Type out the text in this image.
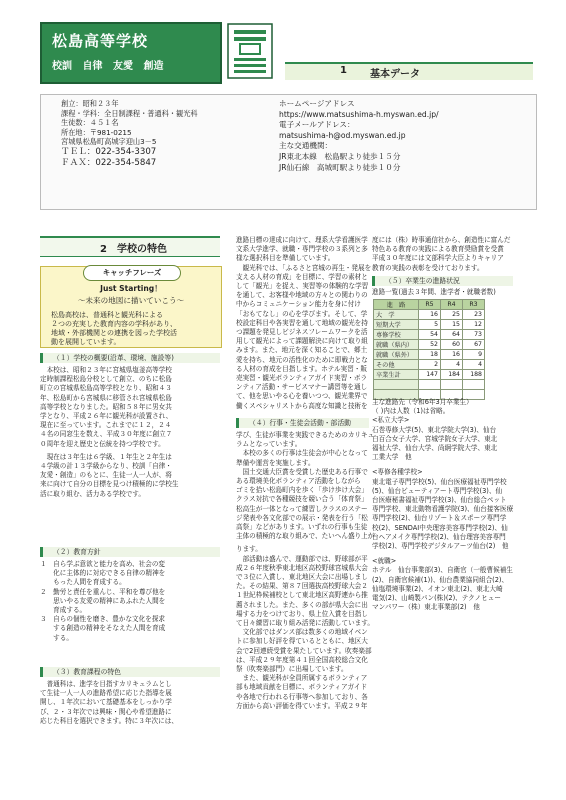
松島高等学校
校訓 自律 友愛 創造	1 基本データ
創立：昭和２３年
課程・学科：全日制課程・普通科・観光科
生徒数：４５１名
所在地：〒981-0215
宮城県松島町高城字迎山3－5
ＴＥＬ：022-354-3307
ＦＡＸ：022-354-5847
ホームページアドレス
https://www.matsushima-h.myswan.ed.jp/
電子メールアドレス：
matsushima-h@od.myswan.ed.jp
主な交通機関：
JR東北本線　松島駅より徒歩１５分
JR仙石線　高城町駅より徒歩１０分
2　学校の特色
キャッチフレーズ
Just Starting！
～未来の地図に描いていこう～
松島高校は、普通科と観光科による
２つの充実した教育内容の学科があり、
地域・外部機関との連携を図った学校活
動を展開しています。
（１）学校の概要(沿革、環境、施設等)
　本校は、昭和２３年に宮城県塩釜高等学校
定時制課程松島分校として創立、のちに松島
町立の宮城県松島高等学校となり、昭和４３
年、松島町から宮城県に移管され宮城県松島
高等学校となりました。昭和５８年に男女共
学となり、平成２６年に観光科が設置され、
現在に至っています。これまでに１２，２４
４名の同窓生を数え、平成３０年度に創立７
０周年を迎え歴史と伝統を持つ学校です。
　現在は３年生は６学級、１年生と２年生は
４学級の計１３学級からなり、校訓「自律・
友愛・創造」のもとに、生徒一人一人が、将
来に向けて自分の目標を見つけ積極的に学校生
活に取り組む、活力ある学校です。
（２）教育方針
１　自ら学ぶ意欲と能力を高め、社会の変
　　化に主体的に対応できる自律の精神を
　　もった人間を育成する。
２　勤労と責任を重んじ、平和を尊び他を
　　思いやる友愛の精神にあふれた人間を
　　育成する。
３　自らの個性を磨き、豊かな文化を探求
　　する創造の精神をそなえた人間を育成
　　する。
（３）教育課程の特色
　普通科は、進学を目指すカリキュラムとし
て生徒一人一人の進路希望に応じた指導を展
開し、１年次において基礎基本をしっかり学
び、２・３年次では興味・関心や希望進路に
応じた科目を選択できます。特に３年次には、
進路目標の達成に向けて、理系大学看護医学
文系大学進学、就職・専門学校の３系列と多
様な選択科目を準備しています。
　観光科では、「ふるさと宮城の再生・発展を
支える人材の育成」を目標に、学習の素材と
して「観光」を捉え、実習等の体験的な学習
を通して、お客様や地域の方々との関わりの
中からコミュニケーション能力を身に付け
「おもてなし」の心を学びます。そして、学
校設定科目や各実習を通して地域の観光を持
つ課題を発見しビジネスフレームワークを活
用して観光によって課題解決に向けて取り組
みます。また、地元を深く知ることで、郷土
愛を持ち、地元の活性化のために即戦力とな
る人材の育成を目指します。ホテル実習・販
売実習・観光ボランティアガイド実習・ボラ
ンティア活動・サービスマナー講習等を通し
て、他を思いやる心を養いつつ、観光業界で
働くスペシャリストから高度な知識と技術を
（４）行事・生徒会活動・部活動
学び、生徒が事業を実践できるためのカリキュ
ラムとなっています。
　本校の多くの行事は生徒会が中心となって
準備や運営を実施します。
　国土交通大臣賞を受賞した歴史ある行事で
ある環境美化ボランティア活動をしながら
ゴミを拾い松島町内を歩く「歩け歩け大会」
クラス対抗で各種競技を競い合う「体育祭」
松高生が一体となって練習しクラスのステー
ジ発表や各文化部での展示・発表を行う「松
高祭」などがあります。いずれの行事も生徒
主体の積極的な取り組みで、たいへん盛り上が
ります。
　部活動は盛んで、運動部では、野球部が平
成２６年度秋季東北地区高校野球宮城県大会
で３位に入賞し、東北地区大会に出場しまし
た。その結果、第８７回選抜高校野球大会２
１世紀枠候補校として東北地区高野連から推
薦されました。また、多くの部が県大会に出
場する力をつけており、県上位入賞を目指し
て日々練習に取り組み活発に活動しています。
　文化部ではダンス部は数多くの地域イベン
トに参加し好評を得ているとともに、地区大
会で2回連続受賞を果たしています。吹奏楽部
は、平成２９年度第４１回全国高校総合文化
祭（吹奏楽部門）に出場しています。
　また、観光科が全員所属するボランティア
部も地域貢献を目標に、ボランティアガイド
や各地で行われる行事等へ参加しており、各
方面から高い評価を得ています。平成２９年
度には（株）時事通信社から、創造性に富んだ
特色ある教育の実践による教育奨励賞を受賞
平成３０年度には文部科学大臣よりキャリア
教育の実践の表彰を受けております。
（５）卒業生の進路状況
進路一覧(過去３年間、進学者・就職者数)
進　路	R5	R4	R3
大　学	16	25	23
短期大学	5	15	12
専修学校	54	64	73
就職（県内）	52	60	67
就職（県外）	18	16	9
その他	2	4	4
卒業生計	147	184	188

主な進路先（令和6年3月卒業生）
（ )内は人数（1)は省略。
<私立大学>
石巻専修大学(5)、東北学院大学(3)、仙台
白百合女子大学、宮城学院女子大学、東北
福祉大学、仙台大学、尚絅学院大学、東北
工業大学　他
<専修各種学校>
東北電子専門学校(5)、仙台医療福祉専門学校
(5)、仙台ビューティアート専門学校(3)、仙
台医療秘書福祉専門学校(3)、仙台総合ペット
専門学校、東北動物看護学院(3)、仙台接客医療
専門学校(2)、仙台リゾート＆スポーツ専門学
校(2)、SENDAI中央理容美容専門学校(2)、仙
台ヘアメイク専門学校(2)、仙台理容美容専門
学校(2)、専門学校デジタルアーツ仙台(2)　他
<就職>
ホテル　仙台事業部(3)、自衛官（一般曹候補生
(2)、自衛官候補(1))、仙台農業協同組合(2)、
仙塩環境事業(2)、イオン東北(2)、東北大崎
電気(2)、山崎製パン(株)(2)、テクノヒュー
マンパワー（株）東北事業部(2)　他
